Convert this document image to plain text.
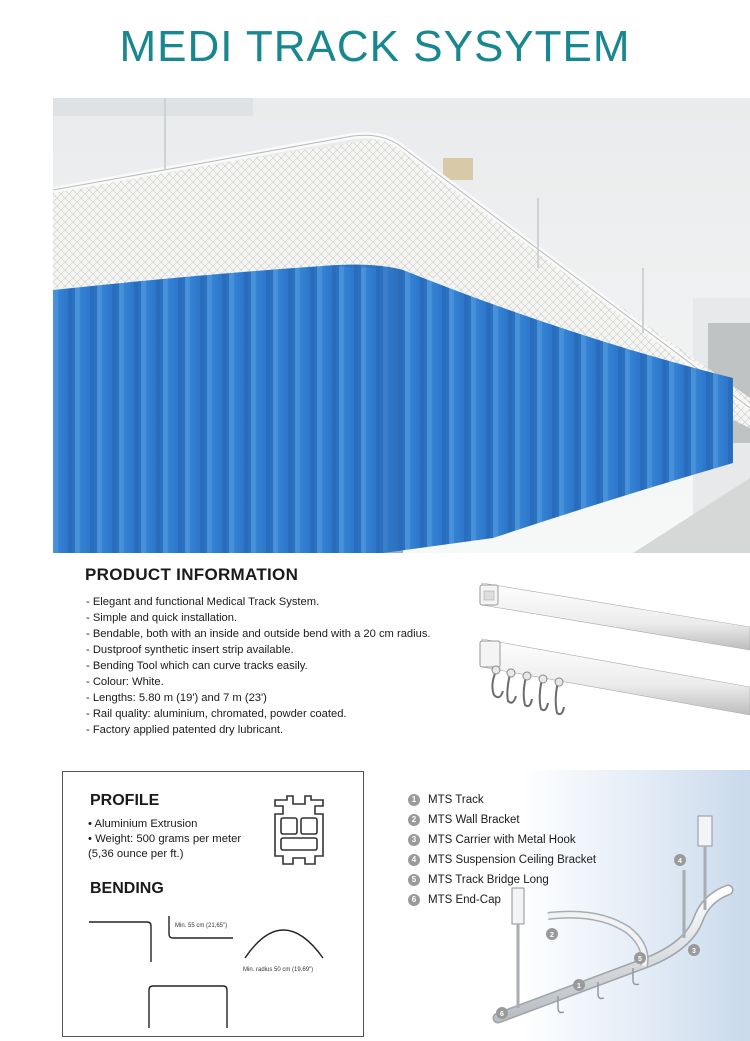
MEDI TRACK SYSYTEM
PRODUCT INFORMATION
- Elegant and functional Medical Track System.
- Simple and quick installation.
- Bendable, both with an inside and outside bend with a 20 cm radius.
- Dustproof synthetic insert strip available.
- Bending Tool which can curve tracks easily.
- Colour: White.
- Lengths: 5.80 m (19') and 7 m (23')
- Rail quality: aluminium, chromated, powder coated.
- Factory applied patented dry lubricant.
PROFILE
• Aluminium Extrusion
• Weight: 500 grams per meter
(5,36 ounce per ft.)
BENDING
Min. 55 cm (21,65")
Min. radius 50 cm (19,69")
1	MTS Track
2	MTS Wall Bracket
3	MTS Carrier with Metal Hook
4	MTS Suspension Ceiling Bracket
5	MTS Track Bridge Long
6	MTS End-Cap
2
1
6
5
3
4
